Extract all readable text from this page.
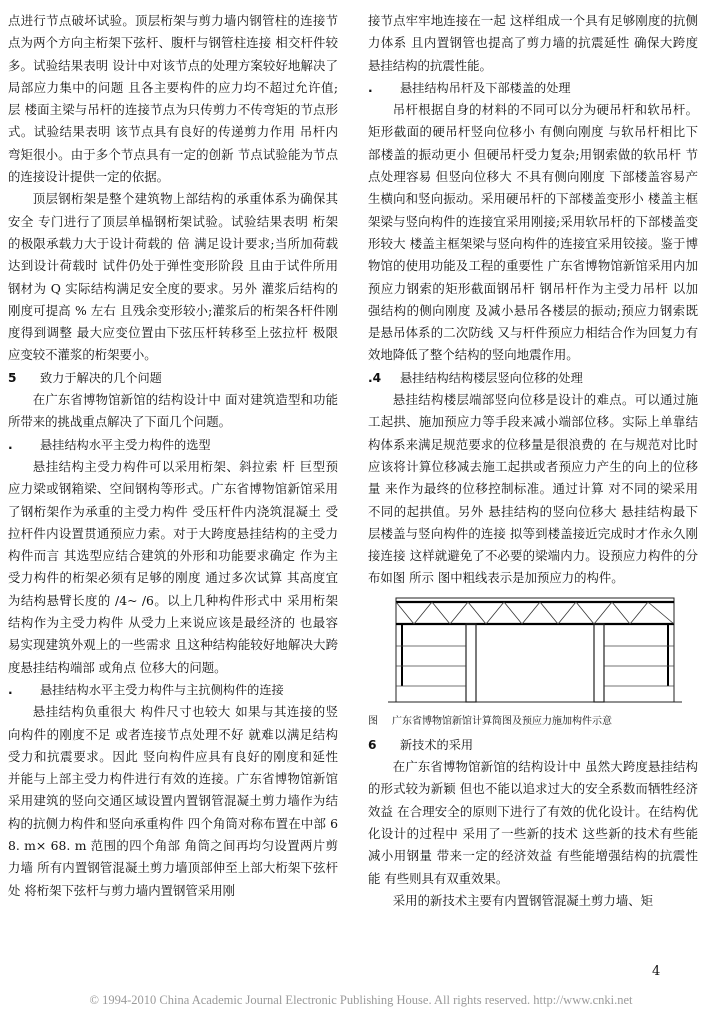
点进行节点破坏试验。顶层桁架与剪力墙内钢管柱的连接节点为两个方向主桁架下弦杆、腹杆与钢管柱连接 相交杆件较多。试验结果表明 设计中对该节点的处理方案较好地解决了局部应力集中的问题 且各主要构件的应力均不超过允许值;层 楼面主梁与吊杆的连接节点为只传剪力不传弯矩的节点形式。试验结果表明 该节点具有良好的传递剪力作用 吊杆内弯矩很小。由于多个节点具有一定的创新 节点试验能为节点的连接设计提供一定的依据。

顶层钢桁架是整个建筑物上部结构的承重体系为确保其安全 专门进行了顶层单榀钢桁架试验。试验结果表明 桁架的极限承载力大于设计荷载的 倍 满足设计要求;当所加荷载达到设计荷载时 试件仍处于弹性变形阶段 且由于试件所用钢材为 Q 实际结构满足安全度的要求。另外 灌浆后结构的刚度可提高 % 左右 且残余变形较小;灌浆后的桁架各杆件刚度得到调整 最大应变位置由下弦压杆转移至上弦拉杆 极限应变较不灌浆的桁架要小。

5 致力于解决的几个问题

在广东省博物馆新馆的结构设计中 面对建筑造型和功能所带来的挑战重点解决了下面几个问题。

. 悬挂结构水平主受力构件的选型

悬挂结构主受力构件可以采用桁架、斜拉索 杆 巨型预应力梁或钢箱梁、空间钢构等形式。广东省博物馆新馆采用了钢桁架作为承重的主受力构件 受压杆件内浇筑混凝土 受拉杆件内设置贯通预应力索。对于大跨度悬挂结构的主受力构件而言 其选型应结合建筑的外形和功能要求确定 作为主受力构件的桁架必须有足够的刚度 通过多次试算 其高度宜为结构悬臂长度的 /4~ /6。以上几种构件形式中 采用桁架结构作为主受力构件 从受力上来说应该是最经济的 也最容易实现建筑外观上的一些需求 且这种结构能较好地解决大跨度悬挂结构端部 或角点 位移大的问题。

. 悬挂结构水平主受力构件与主抗侧构件的连接

悬挂结构负重很大 构件尺寸也较大 如果与其连接的竖向构件的刚度不足 或者连接节点处理不好 就难以满足结构受力和抗震要求。因此 竖向构件应具有良好的刚度和延性 并能与上部主受力构件进行有效的连接。广东省博物馆新馆采用建筑的竖向交通区域设置内置钢管混凝土剪力墙作为结构的抗侧力构件和竖向承重构件 四个角筒对称布置在中部 68. m× 68. m 范围的四个角部 角筒之间再均匀设置两片剪力墙 所有内置钢管混凝土剪力墙顶部伸至上部大桁架下弦杆处 将桁架下弦杆与剪力墙内置钢管采用刚

接节点牢牢地连接在一起 这样组成一个具有足够刚度的抗侧力体系 且内置钢管也提高了剪力墙的抗震延性 确保大跨度悬挂结构的抗震性能。

. 悬挂结构吊杆及下部楼盖的处理

吊杆根据自身的材料的不同可以分为硬吊杆和软吊杆。矩形截面的硬吊杆竖向位移小 有侧向刚度 与软吊杆相比下部楼盖的振动更小 但硬吊杆受力复杂;用钢索做的软吊杆 节点处理容易 但竖向位移大 不具有侧向刚度 下部楼盖容易产生横向和竖向振动。采用硬吊杆的下部楼盖变形小 楼盖主框架梁与竖向构件的连接宜采用刚接;采用软吊杆的下部楼盖变形较大 楼盖主框架梁与竖向构件的连接宜采用铰接。鉴于博物馆的使用功能及工程的重要性 广东省博物馆新馆采用内加预应力钢索的矩形截面钢吊杆 钢吊杆作为主受力吊杆 以加强结构的侧向刚度 及减小悬吊各楼层的振动;预应力钢索既是悬吊体系的二次防线 又与杆件预应力相结合作为回复力有效地降低了整个结构的竖向地震作用。

.4 悬挂结构结构楼层竖向位移的处理

悬挂结构楼层端部竖向位移是设计的难点。可以通过施工起拱、施加预应力等手段来减小端部位移。实际上单靠结构体系来满足规范要求的位移量是很浪费的 在与规范对比时 应该将计算位移减去施工起拱或者预应力产生的向上的位移量 来作为最终的位移控制标准。通过计算 对不同的梁采用不同的起拱值。另外 悬挂结构的竖向位移大 悬挂结构最下层楼盖与竖向构件的连接 拟等到楼盖接近完成时才作永久刚接连接 这样就避免了不必要的梁端内力。设预应力构件的分布如图 所示 图中粗线表示是加预应力的构件。

图 广东省博物馆新馆计算简图及预应力施加构件示意

6 新技术的采用

在广东省博物馆新馆的结构设计中 虽然大跨度悬挂结构的形式较为新颖 但也不能以追求过大的安全系数而牺牲经济效益 在合理安全的原则下进行了有效的优化设计。在结构优化设计的过程中 采用了一些新的技术 这些新的技术有些能减小用钢量 带来一定的经济效益 有些能增强结构的抗震性能 有些则具有双重效果。

采用的新技术主要有内置钢管混凝土剪力墙、矩

4
© 1994-2010 China Academic Journal Electronic Publishing House. All rights reserved. http://www.cnki.net
